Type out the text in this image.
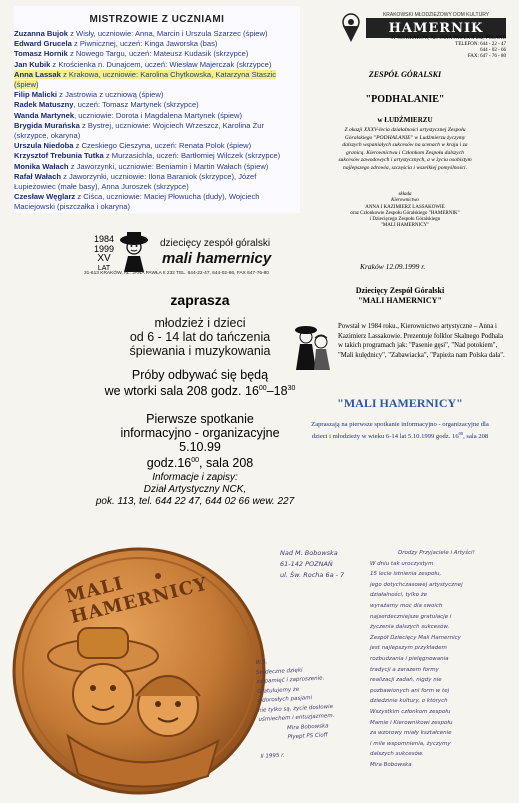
MISTRZOWIE Z UCZNIAMI
Zuzanna Bujok z Wisły, uczniowie: Anna, Marcin i Urszula Szarzec (śpiew)
Edward Grucela z Piwnicznej, uczeń: Kinga Jaworska (bas)
Tomasz Hornik z Nowego Targu, uczeń: Mateusz Kudasik (skrzypce)
Jan Kubik z Krościenka n. Dunajcem, uczeń: Wiesław Majerczak (skrzypce)
Anna Lassak z Krakowa, uczniowie: Karolina Chytkowska, Katarzyna Staszic (śpiew)
Filip Malicki z Jastrowia z uczniową (śpiew)
Radek Matuszny, uczeń: Tomasz Martynek (skrzypce)
Wanda Martynek, uczniowie: Dorota i Magdalena Martynek (śpiew)
Brygida Murańska z Bystrej, uczniowie: Wojciech Wrzeszcz, Karolina Żur (skrzypce, okaryna)
Urszula Niedoba z Czeskiego Cieszyna, uczeń: Renata Polok (śpiew)
Krzysztof Trebunia Tutka z Murzasichla, uczeń: Bartłomiej Wilczek (skrzypce)
Monika Wałach z Jaworzynki, uczniowie: Beniamin i Martin Wałach (śpiew)
Rafał Wałach z Jaworzynki, uczniowie: Ilona Baraniok (skrzypce), Józef Łupieżowiec (małe basy), Anna Juroszek (skrzypce)
Czesław Węglarz z Ciśca, uczniowie: Maciej Płowucha (dudy), Wojciech Maciejowski (piszczałka i okaryna)
KRAKOWSKI MŁODZIEŻOWY DOM KULTURY
HAMERNIK
31-613 KRAKÓW, AL. JANA PAWŁA II 232, POLAND
TELEFON: 644 - 22 - 47
644 - 02 - 66
FAX: 647 - 76 - 80
ZESPÓŁ GÓRALSKI
"PODHALANIE"
w ŁUDŹMIERZU
Z okazji XXXV-lecia działalności artystycznej Zespołu Góralskiego "PODHALANIE" w Ludźmierzu życzymy dalszych wspaniałych sukcesów na scenach w kraju i za granicą. Kierownictwu i Członkom Zespołu dalszych sukcesów zawodowych i artystycznych, a w życiu osobistym najlepszego zdrowia, szczęścia i wszelkiej pomyślności.
składa
Kierownictwo
ANNA I KAZIMIERZ LASSAKOWIE
oraz Członkowie Zespołu Góralskiego "HAMERNIK"
i Dziecięcego Zespołu Góralskiego
"MALI HAMERNICY"
Kraków 12.09.1999 r.
1984
1999
XV
LAT
dziecięcy zespół góralski
mali hamernicy
31-613 KRAKÓW, AL. JANA PAWŁA II 232 TEL. 644-22-47, 644-02-66, FAX 647-76-80
zaprasza
młodzież i dzieci
od 6 - 14 lat do tańczenia
śpiewania i muzykowania
Próby odbywać się będą
we wtorki sala 208 godz. $16^{00}-18^{30}$
Pierwsze spotkanie
informacyjno - organizacyjne
5.10.99
$godz.16^{00}$, sala 208
Informacje i zapisy:
Dział Artystyczny NCK,
pok. 113, tel. 644 22 47, 644 02 66 wew. 227
Dziecięcy Zespół Góralski
"MALI HAMERNICY"
Powstał w 1984 roku., Kierownictwo artystyczne – Anna i Kazimierz Lassakowie. Prezentuje folklor Skalnego Podhala w takich programach jak: "Pasenie gęsi", "Nad potokiem", "Mali kulędnicy", "Zabawiacka", "Papieża nam Polska dała".
"MALI HAMERNICY"
Zapraszają na pierwsze spotkanie informacyjno - organizacyjne dla dzieci i młodzieży w wieku 6-14 lat 5.10.1999 godz. $16^{00}$, sala 208
MALI HAMERNICY
Nad M. Bobowska
61-142 POZNAŃ
ul. Św. Rocha 6a - 7
W.S.
Serdeczne dzięki
za pamięć i zaproszenie.
Gratulujemy że
z dorosłych pasjami
nie tylko są, życie dosłowie
uśmiechem i entuzjazmem.
Mira Bobowska
Płyept PS Cioff
II 1995 r.
Drodzy Przyjaciele i Artyści!
W dniu tak uroczystym
15 lecie istnienia zespołu,
jego dotychczasowej artystycznej
działalności, tylko że
wyrażamy moc dla swoich
najserdeczniejsze gratulacje i
życzenia dalszych sukcesów.
Zespół Dziecięcy Mali Hamernicy
jest najlepszym przykładem
rozbudzania i pielęgnowania
tradycji a zarazem formy
realizacji zadań, nigdy nie
pozbawionych ani form w tej
dziedzinie kultury, o których
Wszystkim członkom zespołu
Mamie i Kierownikowi zespołu
za wzorowy miały kształcenie
i mile wspomnienia, życzymy
dalszych sukcesów.
Mira Bobowska
